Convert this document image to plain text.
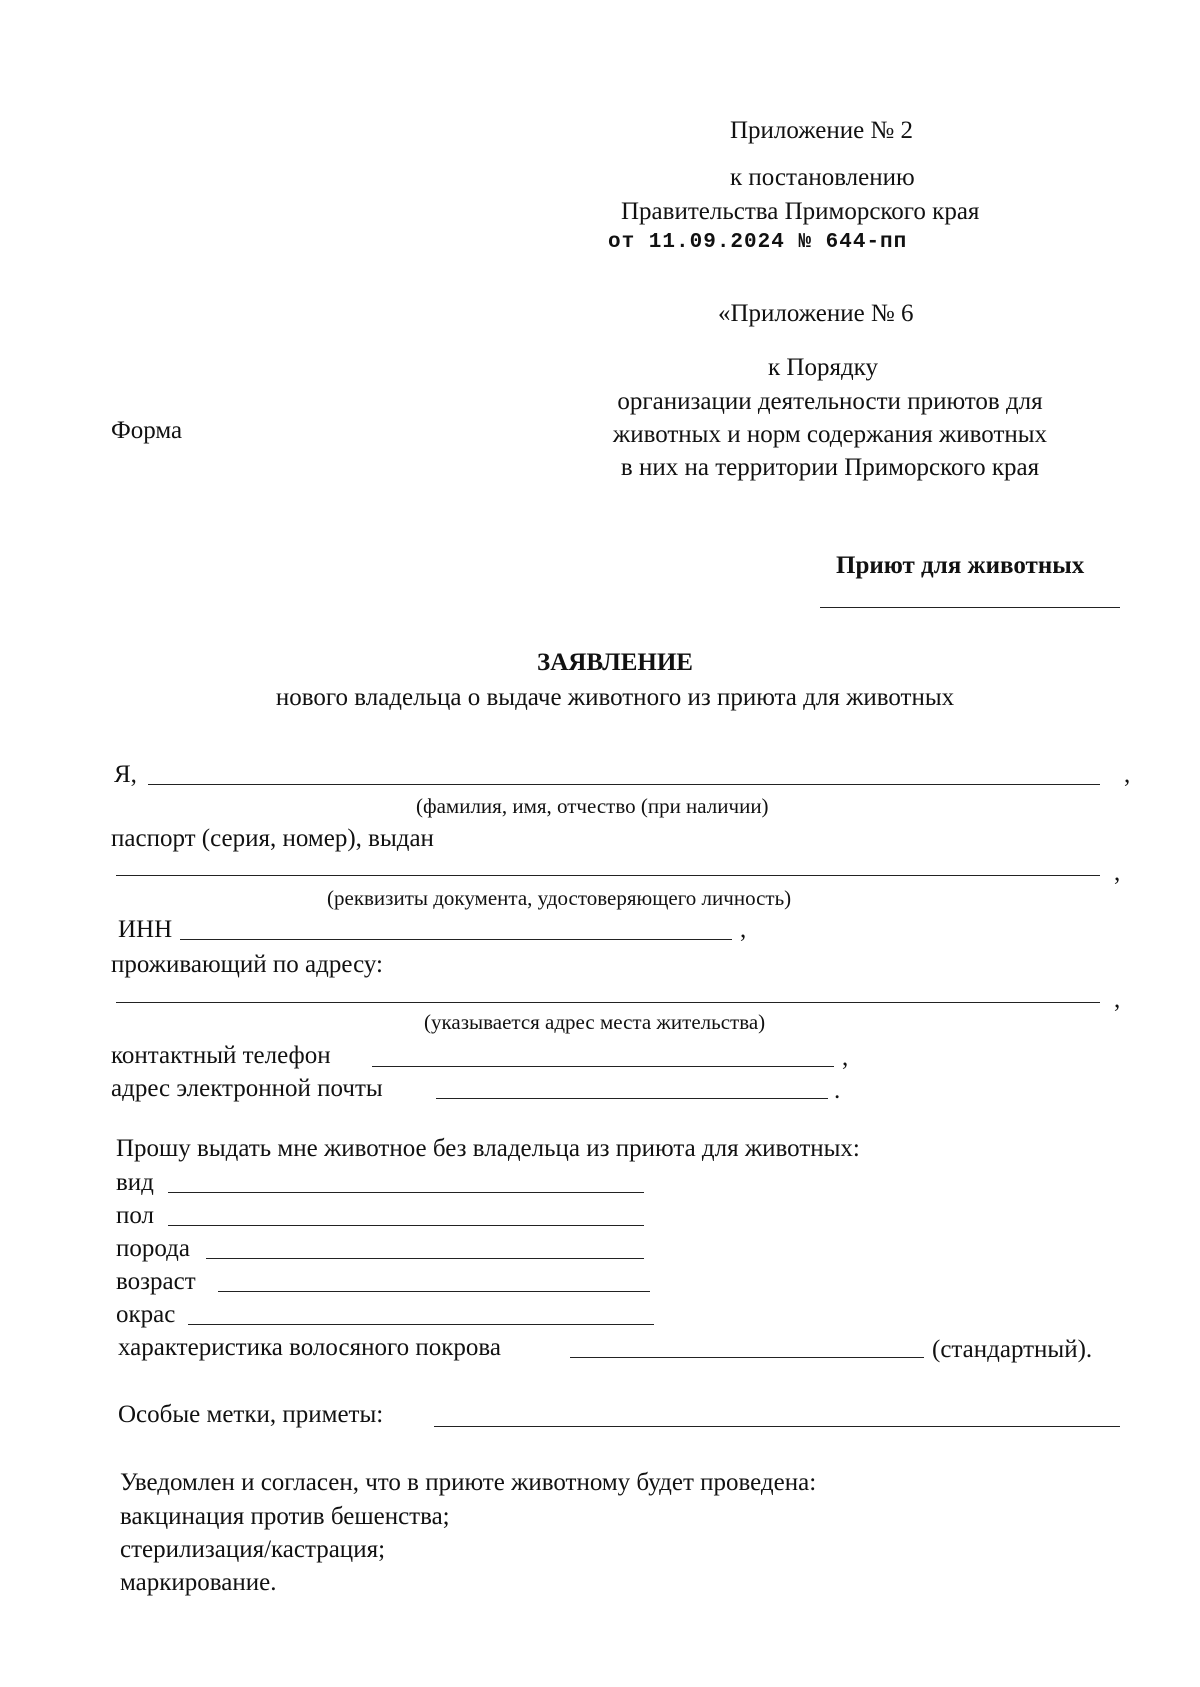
Приложение № 2
к постановлению
Правительства Приморского края
от 11.09.2024 № 644-пп
«Приложение № 6
к Порядку
организации деятельности приютов для
животных и норм содержания животных
в них на территории Приморского края
Форма
Приют для животных
ЗАЯВЛЕНИЕ
нового владельца о выдаче животного из приюта для животных
Я,	,
(фамилия, имя, отчество (при наличии)
паспорт (серия, номер), выдан
,
(реквизиты документа, удостоверяющего личность)
ИНН	,
проживающий по адресу:
,
(указывается адрес места жительства)
контактный телефон	,
адрес электронной почты	.
Прошу выдать мне животное без владельца из приюта для животных:
вид
пол
порода
возраст
окрас
характеристика волосяного покрова	(стандартный).
Особые метки, приметы:
Уведомлен и согласен, что в приюте животному будет проведена:
вакцинация против бешенства;
стерилизация/кастрация;
маркирование.
